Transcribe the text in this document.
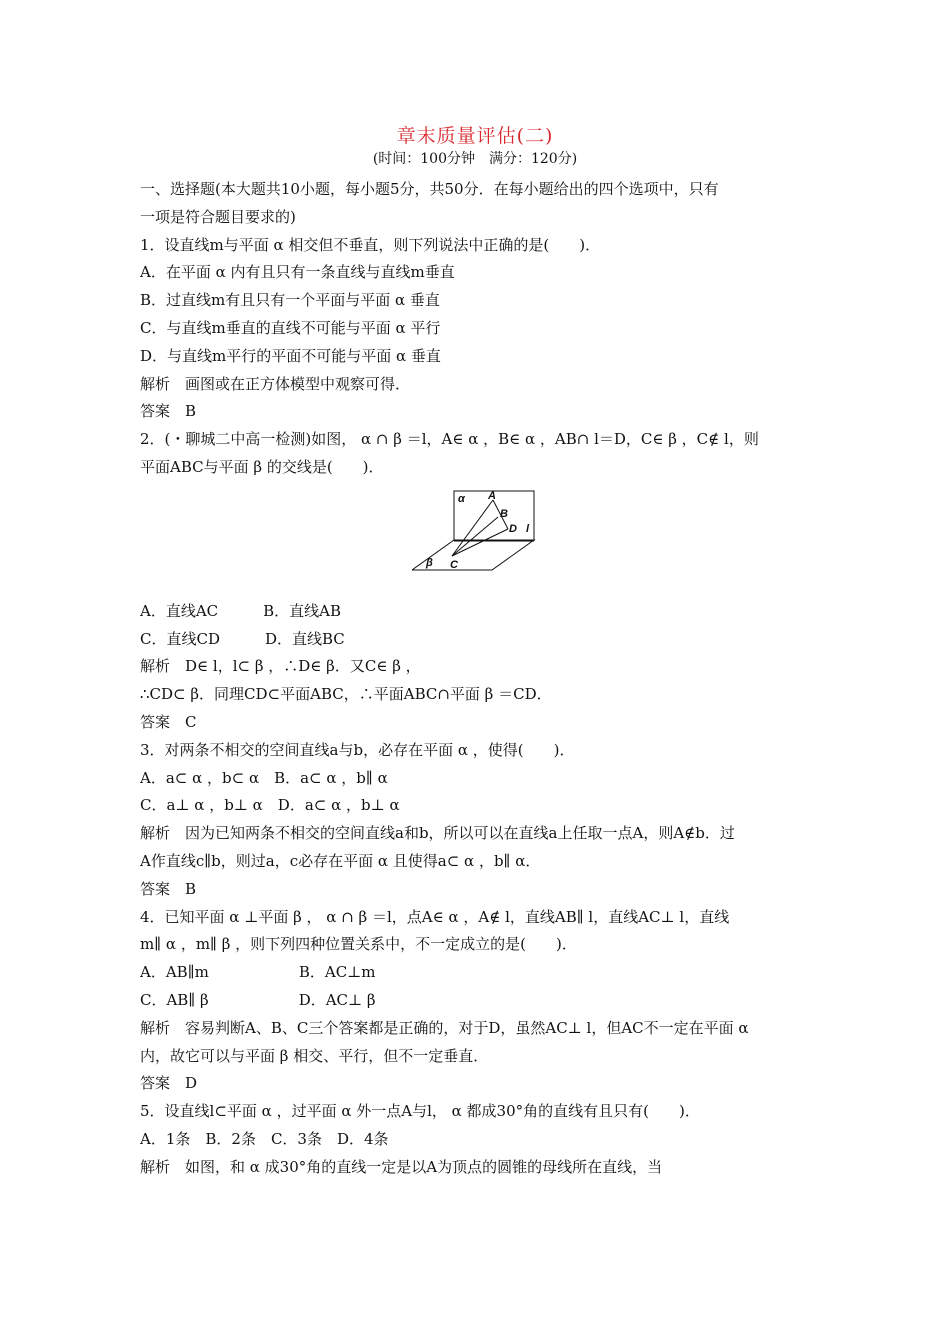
章末质量评估(二)
(时间：100分钟　满分：120分)
一、选择题(本大题共10小题，每小题5分，共50分．在每小题给出的四个选项中，只有
一项是符合题目要求的)
1．设直线m与平面 α 相交但不垂直，则下列说法中正确的是(　　)．
A．在平面 α 内有且只有一条直线与直线m垂直
B．过直线m有且只有一个平面与平面 α 垂直
C．与直线m垂直的直线不可能与平面 α 平行
D．与直线m平行的平面不可能与平面 α 垂直
解析　画图或在正方体模型中观察可得．
答案　B
2．(・聊城二中高一检测)如图， α ∩ β ＝l，A∈ α ，B∈ α ，AB∩ l＝D，C∈ β ，C∉ l，则
平面ABC与平面 β 的交线是(　　)．
α A
B
D l
β C
A．直线AC　　　B．直线AB
C．直线CD　　　D．直线BC
解析　D∈ l，l⊂ β ，∴D∈ β．又C∈ β ，
∴CD⊂ β．同理CD⊂平面ABC，∴平面ABC∩平面 β ＝CD．
答案　C
3．对两条不相交的空间直线a与b，必存在平面 α ，使得(　　)．
A．a⊂ α ，b⊂ α　B．a⊂ α ，b∥ α
C．a⊥ α ，b⊥ α　D．a⊂ α ，b⊥ α
解析　因为已知两条不相交的空间直线a和b，所以可以在直线a上任取一点A，则A∉b．过
A作直线c∥b，则过a，c必存在平面 α 且使得a⊂ α ，b∥ α．
答案　B
4．已知平面 α ⊥平面 β ， α ∩ β ＝l，点A∈ α ，A∉ l，直线AB∥ l，直线AC⊥ l，直线
m∥ α ，m∥ β ，则下列四种位置关系中，不一定成立的是(　　)．
A．AB∥m　　　　　　B．AC⊥m
C．AB∥ β　　　　　　D．AC⊥ β
解析　容易判断A、B、C三个答案都是正确的，对于D，虽然AC⊥ l，但AC不一定在平面 α
内，故它可以与平面 β 相交、平行，但不一定垂直．
答案　D
5．设直线l⊂平面 α ，过平面 α 外一点A与l， α 都成30°角的直线有且只有(　　)．
A．1条　B．2条　C．3条　D．4条
解析　如图，和 α 成30°角的直线一定是以A为顶点的圆锥的母线所在直线，当
